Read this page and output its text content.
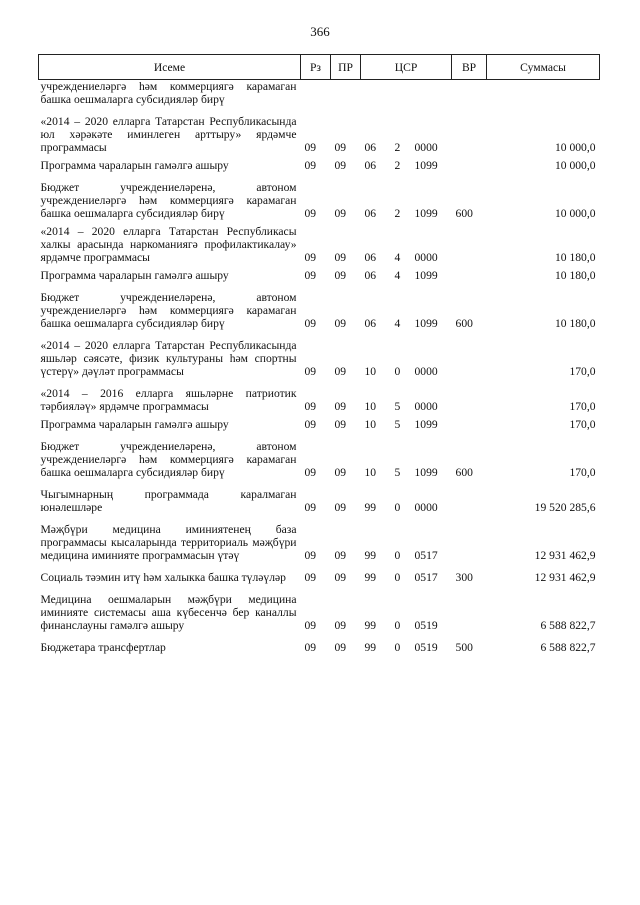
366
Исеме	Рз	ПР	ЦСР			ВР	Суммасы
учреждениеләргә һәм коммерциягә карамаган башка оешмаларга субсидияләр бирү							
«2014 – 2020 елларга Татарстан Республикасында юл хәрәкәте иминлеген арттыру» ярдәмче программасы	09	09	06	2	0000		10 000,0
Программа чараларын гамәлгә ашыру	09	09	06	2	1099		10 000,0
Бюджет учреждениеләренә, автоном учреждениеләргә һәм коммерциягә карамаган башка оешмаларга субсидияләр бирү	09	09	06	2	1099	600	10 000,0
«2014 – 2020 елларга Татарстан Республикасы халкы арасында наркоманиягә профилактикалау» ярдәмче программасы	09	09	06	4	0000		10 180,0
Программа чараларын гамәлгә ашыру	09	09	06	4	1099		10 180,0
Бюджет учреждениеләренә, автоном учреждениеләргә һәм коммерциягә карамаган башка оешмаларга субсидияләр бирү	09	09	06	4	1099	600	10 180,0
«2014 – 2020 елларга Татарстан Республикасында яшьләр сәясәте, физик культураны һәм спортны үстерү» дәүләт программасы	09	09	10	0	0000		170,0
«2014 – 2016 елларга яшьләрне патриотик тәрбияләү» ярдәмче программасы	09	09	10	5	0000		170,0
Программа чараларын гамәлгә ашыру	09	09	10	5	1099		170,0
Бюджет учреждениеләренә, автоном учреждениеләргә һәм коммерциягә карамаган башка оешмаларга субсидияләр бирү	09	09	10	5	1099	600	170,0
Чыгымнарның программада каралмаган юнәлешләре	09	09	99	0	0000		19 520 285,6
Мәҗбүри медицина иминиятенең база программасы кысаларында территориаль мәҗбүри медицина иминияте программасын үтәү	09	09	99	0	0517		12 931 462,9
Социаль тәэмин итү һәм халыкка башка түләүләр	09	09	99	0	0517	300	12 931 462,9
Медицина оешмаларын мәҗбүри медицина иминияте системасы аша күбесенчә бер каналлы финанслауны гамәлгә ашыру	09	09	99	0	0519		6 588 822,7
Бюджетара трансфертлар	09	09	99	0	0519	500	6 588 822,7
